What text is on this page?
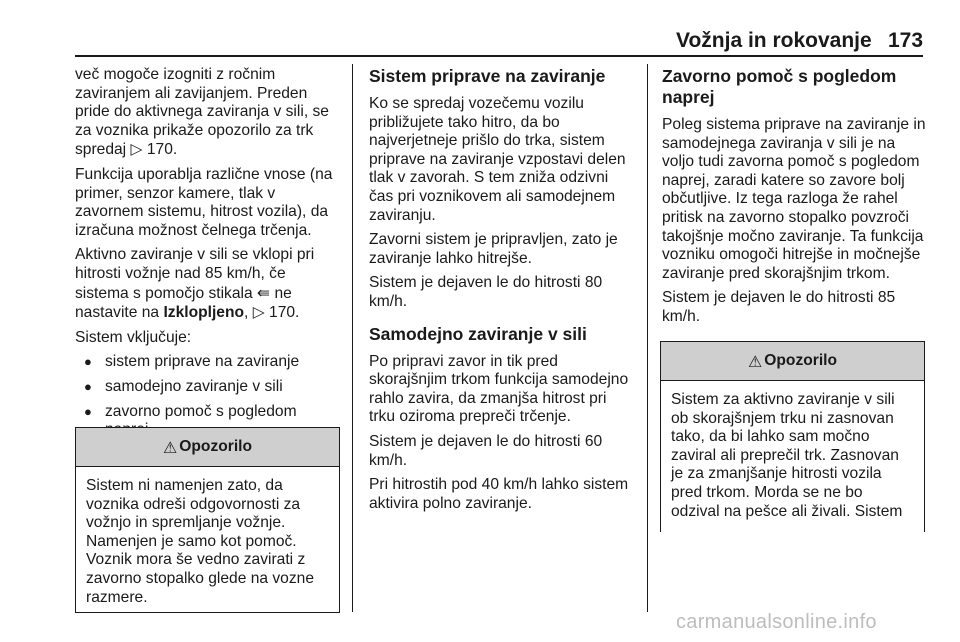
Vožnja in rokovanje 173

več mogoče izogniti z ročnim zaviranjem ali zavijanjem. Preden pride do aktivnega zaviranja v sili, se za voznika prikaže opozorilo za trk spredaj ▷ 170.

Funkcija uporablja različne vnose (na primer, senzor kamere, tlak v zavornem sistemu, hitrost vozila), da izračuna možnost čelnega trčenja.

Aktivno zaviranje v sili se vklopi pri hitrosti vožnje nad 85 km/h, če sistema s pomočjo stikala ⇚ ne nastavite na Izklopljeno, ▷ 170.

Sistem vključuje:

● sistem priprave na zaviranje
● samodejno zaviranje v sili
● zavorno pomoč s pogledom
⚠ Opozorilo
Sistem ni namenjen zato, da voznika odreši odgovornosti za vožnjo in spremljanje vožnje. Namenjen je samo kot pomoč. Voznik mora še vedno zavirati z zavorno stopalko glede na vozne razmere.
Sistem priprave na zaviranje

Ko se spredaj vozečemu vozilu približujete tako hitro, da bo najverjetneje prišlo do trka, sistem priprave na zaviranje vzpostavi delen tlak v zavorah. S tem zniža odzivni čas pri voznikovem ali samodejnem zaviranju.

Zavorni sistem je pripravljen, zato je zaviranje lahko hitrejše.

Sistem je dejaven le do hitrosti 80 km/h.

Samodejno zaviranje v sili

Po pripravi zavor in tik pred skorajšnjim trkom funkcija samodejno rahlo zavira, da zmanjša hitrost pri trku oziroma prepreči trčenje.

Sistem je dejaven le do hitrosti 60 km/h.

Pri hitrostih pod 40 km/h lahko sistem aktivira polno zaviranje.

Zavorno pomoč s pogledom naprej

Poleg sistema priprave na zaviranje in samodejnega zaviranja v sili je na voljo tudi zavorna pomoč s pogledom naprej, zaradi katere so zavore bolj občutljive. Iz tega razloga že rahel pritisk na zavorno stopalko povzroči takojšnje močno zaviranje. Ta funkcija vozniku omogoči hitrejše in močnejše zaviranje pred skorajšnjim trkom.

Sistem je dejaven le do hitrosti 85 km/h.

⚠ Opozorilo
Sistem za aktivno zaviranje v sili ob skorajšnjem trku ni zasnovan tako, da bi lahko sam močno zaviral ali preprečil trk. Zasnovan je za zmanjšanje hitrosti vozila pred trkom. Morda se ne bo odzival na pešce ali živali. Sistem
carmanualsonline.info
